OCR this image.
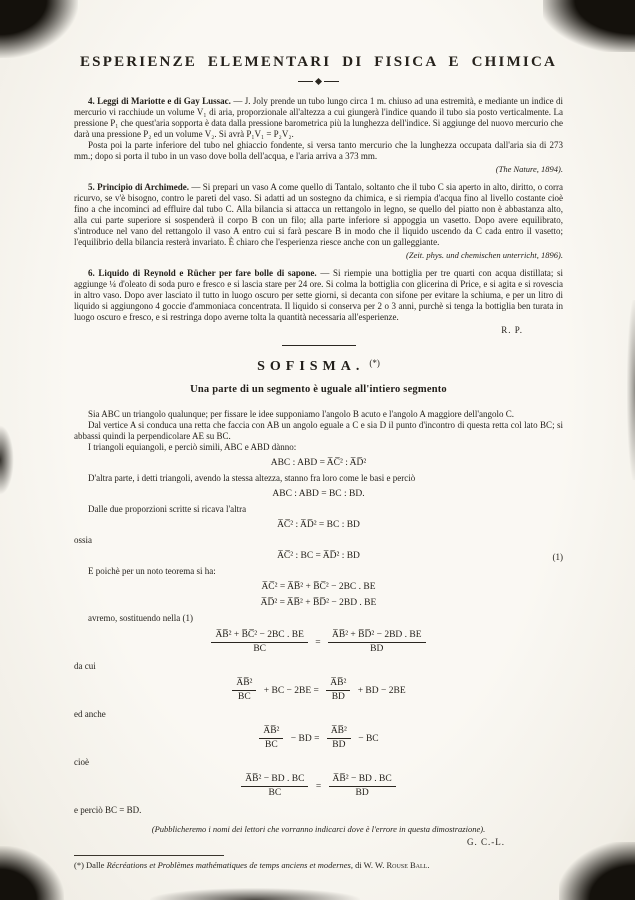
ESPERIENZE ELEMENTARI DI FISICA E CHIMICA

4. Leggi di Mariotte e di Gay Lussac. — J. Joly prende un tubo lungo circa 1 m. chiuso ad una estremità, e mediante un indice di mercurio vi racchiude un volume V₁ di aria, proporzionale all'altezza a cui giungerà l'indice quando il tubo sia posto verticalmente. La pressione P₁ che quest'aria sopporta è data dalla pressione barometrica più la lunghezza dell'indice. Si aggiunge del nuovo mercurio che darà una pressione P₂ ed un volume V₂. Si avrà P₁V₁ = P₂V₂.

Posta poi la parte inferiore del tubo nel ghiaccio fondente, si versa tanto mercurio che la lunghezza occupata dall'aria sia di 273 mm.; dopo si porta il tubo in un vaso dove bolla dell'acqua, e l'aria arriva a 373 mm.

(The Nature, 1894).

5. Principio di Archimede. — Si prepari un vaso A come quello di Tantalo, soltanto che il tubo C sia aperto in alto, diritto, o corra ricurvo, se v'è bisogno, contro le pareti del vaso. Si adatti ad un sostegno da chimica, e si riempia d'acqua fino al livello costante cioè fino a che incominci ad effluire dal tubo C. Alla bilancia si attacca un rettangolo in legno, se quello del piatto non è abbastanza alto, alla cui parte superiore si sospenderà il corpo B con un filo; alla parte inferiore si appoggia un vasetto. Dopo avere equilibrato, s'introduce nel vano del rettangolo il vaso A entro cui si farà pescare B in modo che il liquido uscendo da C cada entro il vasetto; l'equilibrio della bilancia resterà invariato. È chiaro che l'esperienza riesce anche con un galleggiante.

(Zeit. phys. und chemischen unterricht, 1896).

6. Liquido di Reynold e Rücher per fare bolle di sapone. — Si riempie una bottiglia per tre quarti con acqua distillata; si aggiunge ¼ d'oleato di soda puro e fresco e si lascia stare per 24 ore. Si colma la bottiglia con glicerina di Price, e si agita e si rovescia in altro vaso. Dopo aver lasciato il tutto in luogo oscuro per sette giorni, si decanta con sifone per evitare la schiuma, e per un litro di liquido si aggiungono 4 goccie d'ammoniaca concentrata. Il liquido si conserva per 2 o 3 anni, purchè si tenga la bottiglia ben turata in luogo oscuro e fresco, e si restringa dopo averne tolta la quantità necessaria all'esperienze.

R. P.

SOFISMA. (*)
Una parte di un segmento è uguale all'intiero segmento

Sia ABC un triangolo qualunque; per fissare le idee supponiamo l'angolo B acuto e l'angolo A maggiore dell'angolo C.

Dal vertice A si conduca una retta che faccia con AB un angolo eguale a C e sia D il punto d'incontro di questa retta col lato BC; si abbassi quindi la perpendicolare AE su BC.

I triangoli equiangoli, e perciò simili, ABC e ABD dànno:

ABC : ABD = A̅C̅² : A̅D̅²

D'altra parte, i detti triangoli, avendo la stessa altezza, stanno fra loro come le basi e perciò

ABC : ABD = BC : BD.

Dalle due proporzioni scritte si ricava l'altra

A̅C̅² : A̅D̅² = BC : BD
ossia
A̅C̅² : BC = A̅D̅² : BD	(1)

E poichè per un noto teorema si ha:

A̅C̅² = A̅B̅² + B̅C̅² − 2BC . BE
A̅D̅² = A̅B̅² + B̅D̅² − 2BD . BE

avremo, sostituendo nella (1)

$\frac{\text{A̅B̅² + B̅C̅² − 2BC . BE}}{BC} = \frac{\text{A̅B̅² + B̅D̅² − 2BD . BE}}{BD}$
da cui
$\frac{\text{A̅B̅²}}{BC}$ + BC − $2BE = \frac{\text{A̅B̅²}}{BD}$ + BD − 2BE
ed anche
$\frac{\text{A̅B̅²}}{BC}$ − BD = $\frac{\text{A̅B̅²}}{BD}$ − BC
cioè
$\frac{\text{A̅B̅² − BD . BC}}{BC} = \frac{\text{A̅B̅² − BD . BC}}{BD}$

e perciò BC = BD.

(Pubblicheremo i nomi dei lettori che vorranno indicarci dove è l'errore in questa dimostrazione).

G. C.-L.

(*) Dalle Récréations et Problèmes mathématiques de temps anciens et modernes, di W. W. Rouse Ball.
